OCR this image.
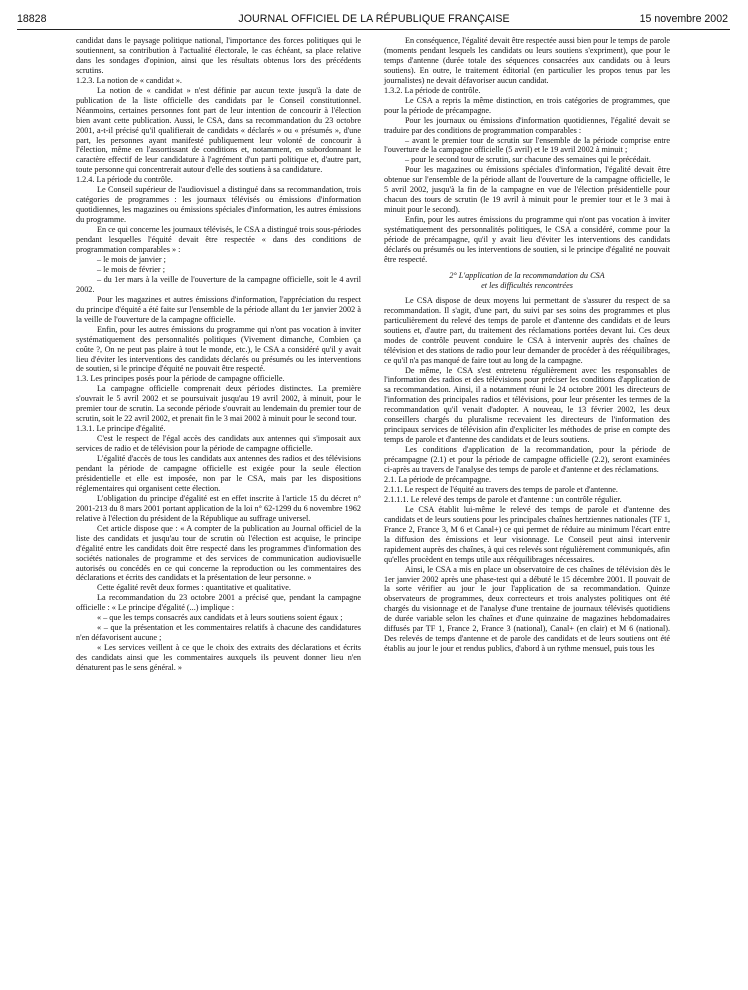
18828	JOURNAL OFFICIEL DE LA RÉPUBLIQUE FRANÇAISE	15 novembre 2002

candidat dans le paysage politique national, l'importance des forces politiques qui le soutiennent, sa contribution à l'actualité électorale, le cas échéant, sa place relative dans les sondages d'opinion, ainsi que les résultats obtenus lors des précédents scrutins.

1.2.3. La notion de « candidat ».

La notion de « candidat » n'est définie par aucun texte jusqu'à la date de publication de la liste officielle des candidats par le Conseil constitutionnel. Néanmoins, certaines personnes font part de leur intention de concourir à l'élection bien avant cette publication. Aussi, le CSA, dans sa recommandation du 23 octobre 2001, a-t-il précisé qu'il qualifierait de candidats « déclarés » ou « présumés », d'une part, les personnes ayant manifesté publiquement leur volonté de concourir à l'élection, même en l'assortissant de conditions et, notamment, en subordonnant le caractère effectif de leur candidature à l'agrément d'un parti politique et, d'autre part, toute personne qui concentrerait autour d'elle des soutiens à sa candidature.

1.2.4. La période du contrôle.

Le Conseil supérieur de l'audiovisuel a distingué dans sa recommandation, trois catégories de programmes : les journaux télévisés ou émissions d'information quotidiennes, les magazines ou émissions spéciales d'information, les autres émissions du programme.

En ce qui concerne les journaux télévisés, le CSA a distingué trois sous-périodes pendant lesquelles l'équité devait être respectée « dans des conditions de programmation comparables » :

– le mois de janvier ;

– le mois de février ;

– du 1er mars à la veille de l'ouverture de la campagne officielle, soit le 4 avril 2002.

Pour les magazines et autres émissions d'information, l'appréciation du respect du principe d'équité a été faite sur l'ensemble de la période allant du 1er janvier 2002 à la veille de l'ouverture de la campagne officielle.

Enfin, pour les autres émissions du programme qui n'ont pas vocation à inviter systématiquement des personnalités politiques (Vivement dimanche, Combien ça coûte ?, On ne peut pas plaire à tout le monde, etc.), le CSA a considéré qu'il y avait lieu d'éviter les interventions des candidats déclarés ou présumés ou les interventions de soutien, si le principe d'équité ne pouvait être respecté.

1.3. Les principes posés pour la période de campagne officielle.

La campagne officielle comprenait deux périodes distinctes. La première s'ouvrait le 5 avril 2002 et se poursuivait jusqu'au 19 avril 2002, à minuit, pour le premier tour de scrutin. La seconde période s'ouvrait au lendemain du premier tour de scrutin, soit le 22 avril 2002, et prenait fin le 3 mai 2002 à minuit pour le second tour.

1.3.1. Le principe d'égalité.

C'est le respect de l'égal accès des candidats aux antennes qui s'imposait aux services de radio et de télévision pour la période de campagne officielle.

L'égalité d'accès de tous les candidats aux antennes des radios et des télévisions pendant la période de campagne officielle est exigée pour la seule élection présidentielle et elle est imposée, non par le CSA, mais par les dispositions réglementaires qui organisent cette élection.

L'obligation du principe d'égalité est en effet inscrite à l'article 15 du décret n° 2001-213 du 8 mars 2001 portant application de la loi n° 62-1299 du 6 novembre 1962 relative à l'élection du président de la République au suffrage universel.

Cet article dispose que : « A compter de la publication au Journal officiel de la liste des candidats et jusqu'au tour de scrutin où l'élection est acquise, le principe d'égalité entre les candidats doit être respecté dans les programmes d'information des sociétés nationales de programme et des services de communication audiovisuelle autorisés ou concédés en ce qui concerne la reproduction ou les commentaires des déclarations et écrits des candidats et la présentation de leur personne. »

Cette égalité revêt deux formes : quantitative et qualitative.

La recommandation du 23 octobre 2001 a précisé que, pendant la campagne officielle : « Le principe d'égalité (...) implique :

« – que les temps consacrés aux candidats et à leurs soutiens soient égaux ;

« – que la présentation et les commentaires relatifs à chacune des candidatures n'en défavorisent aucune ;

« Les services veillent à ce que le choix des extraits des déclarations et écrits des candidats ainsi que les commentaires auxquels ils peuvent donner lieu n'en dénaturent pas le sens général. »

En conséquence, l'égalité devait être respectée aussi bien pour le temps de parole (moments pendant lesquels les candidats ou leurs soutiens s'expriment), que pour le temps d'antenne (durée totale des séquences consacrées aux candidats ou à leurs soutiens). En outre, le traitement éditorial (en particulier les propos tenus par les journalistes) ne devait défavoriser aucun candidat.

1.3.2. La période de contrôle.

Le CSA a repris la même distinction, en trois catégories de programmes, que pour la période de précampagne.

Pour les journaux ou émissions d'information quotidiennes, l'égalité devait se traduire par des conditions de programmation comparables :

– avant le premier tour de scrutin sur l'ensemble de la période comprise entre l'ouverture de la campagne officielle (5 avril) et le 19 avril 2002 à minuit ;

– pour le second tour de scrutin, sur chacune des semaines qui le précédait.

Pour les magazines ou émissions spéciales d'information, l'égalité devait être obtenue sur l'ensemble de la période allant de l'ouverture de la campagne officielle, le 5 avril 2002, jusqu'à la fin de la campagne en vue de l'élection présidentielle pour chacun des tours de scrutin (le 19 avril à minuit pour le premier tour et le 3 mai à minuit pour le second).

Enfin, pour les autres émissions du programme qui n'ont pas vocation à inviter systématiquement des personnalités politiques, le CSA a considéré, comme pour la période de précampagne, qu'il y avait lieu d'éviter les interventions des candidats déclarés ou présumés ou les interventions de soutien, si le principe d'égalité ne pouvait être respecté.

2° L'application de la recommandation du CSA
et les difficultés rencontrées

Le CSA dispose de deux moyens lui permettant de s'assurer du respect de sa recommandation. Il s'agit, d'une part, du suivi par ses soins des programmes et plus particulièrement du relevé des temps de parole et d'antenne des candidats et de leurs soutiens et, d'autre part, du traitement des réclamations portées devant lui. Ces deux modes de contrôle peuvent conduire le CSA à intervenir auprès des chaînes de télévision et des stations de radio pour leur demander de procéder à des rééquilibrages, ce qu'il n'a pas manqué de faire tout au long de la campagne.

De même, le CSA s'est entretenu régulièrement avec les responsables de l'information des radios et des télévisions pour préciser les conditions d'application de sa recommandation. Ainsi, il a notamment réuni le 24 octobre 2001 les directeurs de l'information des principales radios et télévisions, pour leur présenter les termes de la recommandation qu'il venait d'adopter. A nouveau, le 13 février 2002, les deux conseillers chargés du pluralisme recevaient les directeurs de l'information des principaux services de télévision afin d'expliciter les méthodes de prise en compte des temps de parole et d'antenne des candidats et de leurs soutiens.

Les conditions d'application de la recommandation, pour la période de précampagne (2.1) et pour la période de campagne officielle (2.2), seront examinées ci-après au travers de l'analyse des temps de parole et d'antenne et des réclamations.

2.1. La période de précampagne.

2.1.1. Le respect de l'équité au travers des temps de parole et d'antenne.

2.1.1.1. Le relevé des temps de parole et d'antenne : un contrôle régulier.

Le CSA établit lui-même le relevé des temps de parole et d'antenne des candidats et de leurs soutiens pour les principales chaînes hertziennes nationales (TF 1, France 2, France 3, M 6 et Canal+) ce qui permet de réduire au minimum l'écart entre la diffusion des émissions et leur visionnage. Le Conseil peut ainsi intervenir rapidement auprès des chaînes, à qui ces relevés sont régulièrement communiqués, afin qu'elles procèdent en temps utile aux rééquilibrages nécessaires.

Ainsi, le CSA a mis en place un observatoire de ces chaînes de télévision dès le 1er janvier 2002 après une phase-test qui a débuté le 15 décembre 2001. Il pouvait de la sorte vérifier au jour le jour l'application de sa recommandation. Quinze observateurs de programmes, deux correcteurs et trois analystes politiques ont été chargés du visionnage et de l'analyse d'une trentaine de journaux télévisés quotidiens de durée variable selon les chaînes et d'une quinzaine de magazines hebdomadaires diffusés par TF 1, France 2, France 3 (national), Canal+ (en clair) et M 6 (national). Des relevés de temps d'antenne et de parole des candidats et de leurs soutiens ont été établis au jour le jour et rendus publics, d'abord à un rythme mensuel, puis tous les
